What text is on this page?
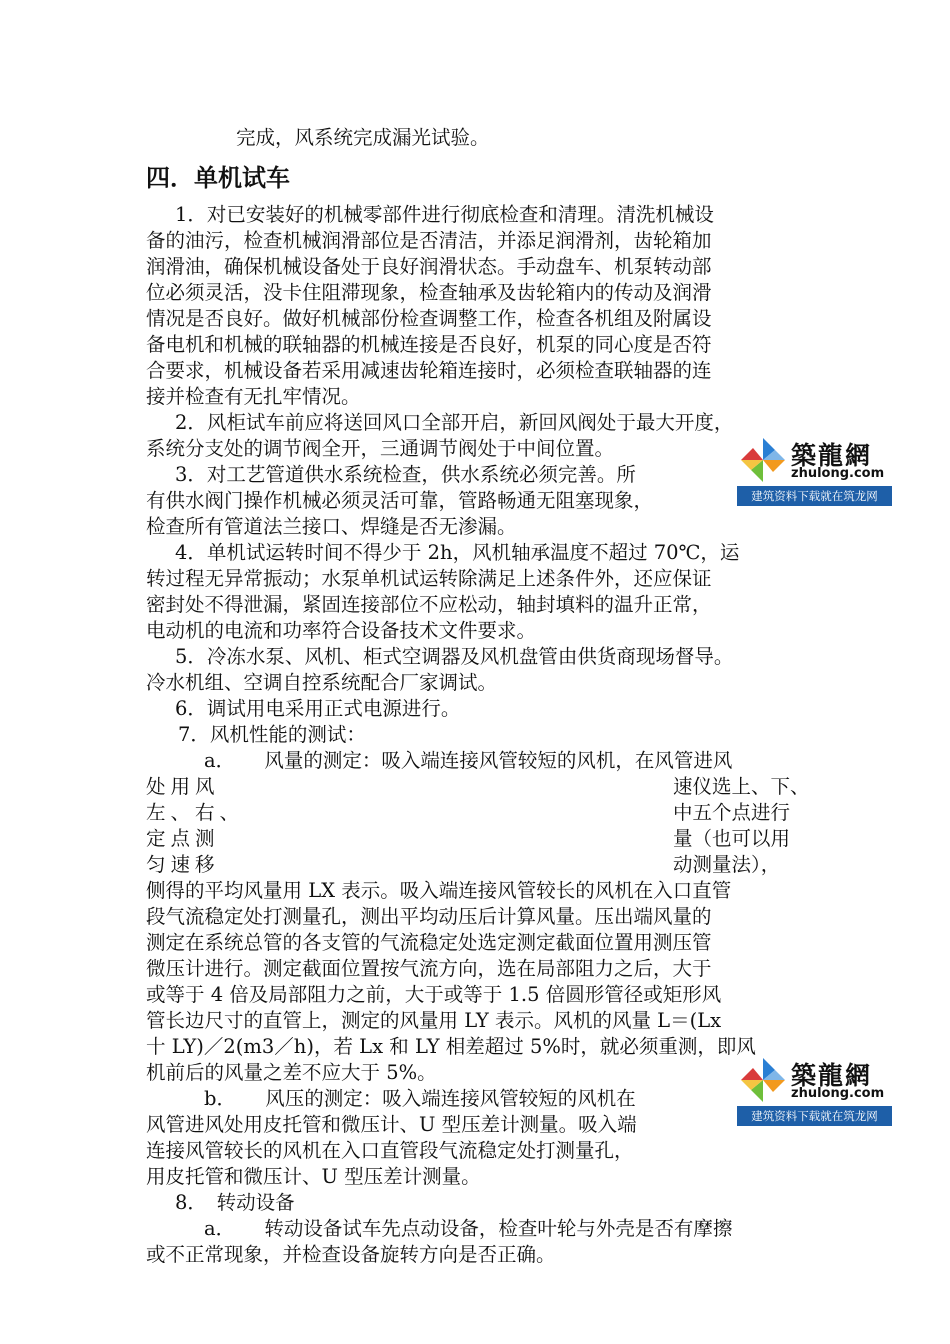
完成，风系统完成漏光试验。
四．单机试车
1．对已安装好的机械零部件进行彻底检查和清理。清洗机械设
备的油污，检查机械润滑部位是否清洁，并添足润滑剂，齿轮箱加
润滑油，确保机械设备处于良好润滑状态。手动盘车、机泵转动部
位必须灵活，没卡住阻滞现象，检查轴承及齿轮箱内的传动及润滑
情况是否良好。做好机械部份检查调整工作，检查各机组及附属设
备电机和机械的联轴器的机械连接是否良好，机泵的同心度是否符
合要求，机械设备若采用减速齿轮箱连接时，必须检查联轴器的连
接并检查有无扎牢情况。
2．风柜试车前应将送回风口全部开启，新回风阀处于最大开度，
系统分支处的调节阀全开，三通调节阀处于中间位置。
3．对工艺管道供水系统检查，供水系统必须完善。所
有供水阀门操作机械必须灵活可靠，管路畅通无阻塞现象，
检查所有管道法兰接口、焊缝是否无渗漏。
4．单机试运转时间不得少于 2h，风机轴承温度不超过 70℃，运
转过程无异常振动；水泵单机试运转除满足上述条件外，还应保证
密封处不得泄漏，紧固连接部位不应松动，轴封填料的温升正常，
电动机的电流和功率符合设备技术文件要求。
5．冷冻水泵、风机、柜式空调器及风机盘管由供货商现场督导。
冷水机组、空调自控系统配合厂家调试。
6．调试用电采用正式电源进行。
7．风机性能的测试：
a．　　风量的测定：吸入端连接风管较短的风机，在风管进风
处用风	速仪选上、下、
左、右、	中五个点进行
定点测	量（也可以用
匀速移	动测量法），
侧得的平均风量用 LX 表示。吸入端连接风管较长的风机在入口直管
段气流稳定处打测量孔，测出平均动压后计算风量。压出端风量的
测定在系统总管的各支管的气流稳定处选定测定截面位置用测压管
微压计进行。测定截面位置按气流方向，选在局部阻力之后，大于
或等于 4 倍及局部阻力之前，大于或等于 1.5 倍圆形管径或矩形风
管长边尺寸的直管上，测定的风量用 LY 表示。风机的风量 L＝(Lx
十 LY)／2(m3／h)，若 Lx 和 LY 相差超过 5%时，就必须重测，即风
机前后的风量之差不应大于 5%。
b．　　风压的测定：吸入端连接风管较短的风机在
风管进风处用皮托管和微压计、U 型压差计测量。吸入端
连接风管较长的风机在入口直管段气流稳定处打测量孔，
用皮托管和微压计、U 型压差计测量。
8．　转动设备
a．　　转动设备试车先点动设备，检查叶轮与外壳是否有摩擦
或不正常现象，并检查设备旋转方向是否正确。
築龍網
zhulong.com
建筑资料下载就在筑龙网
築龍網
zhulong.com
建筑资料下载就在筑龙网
